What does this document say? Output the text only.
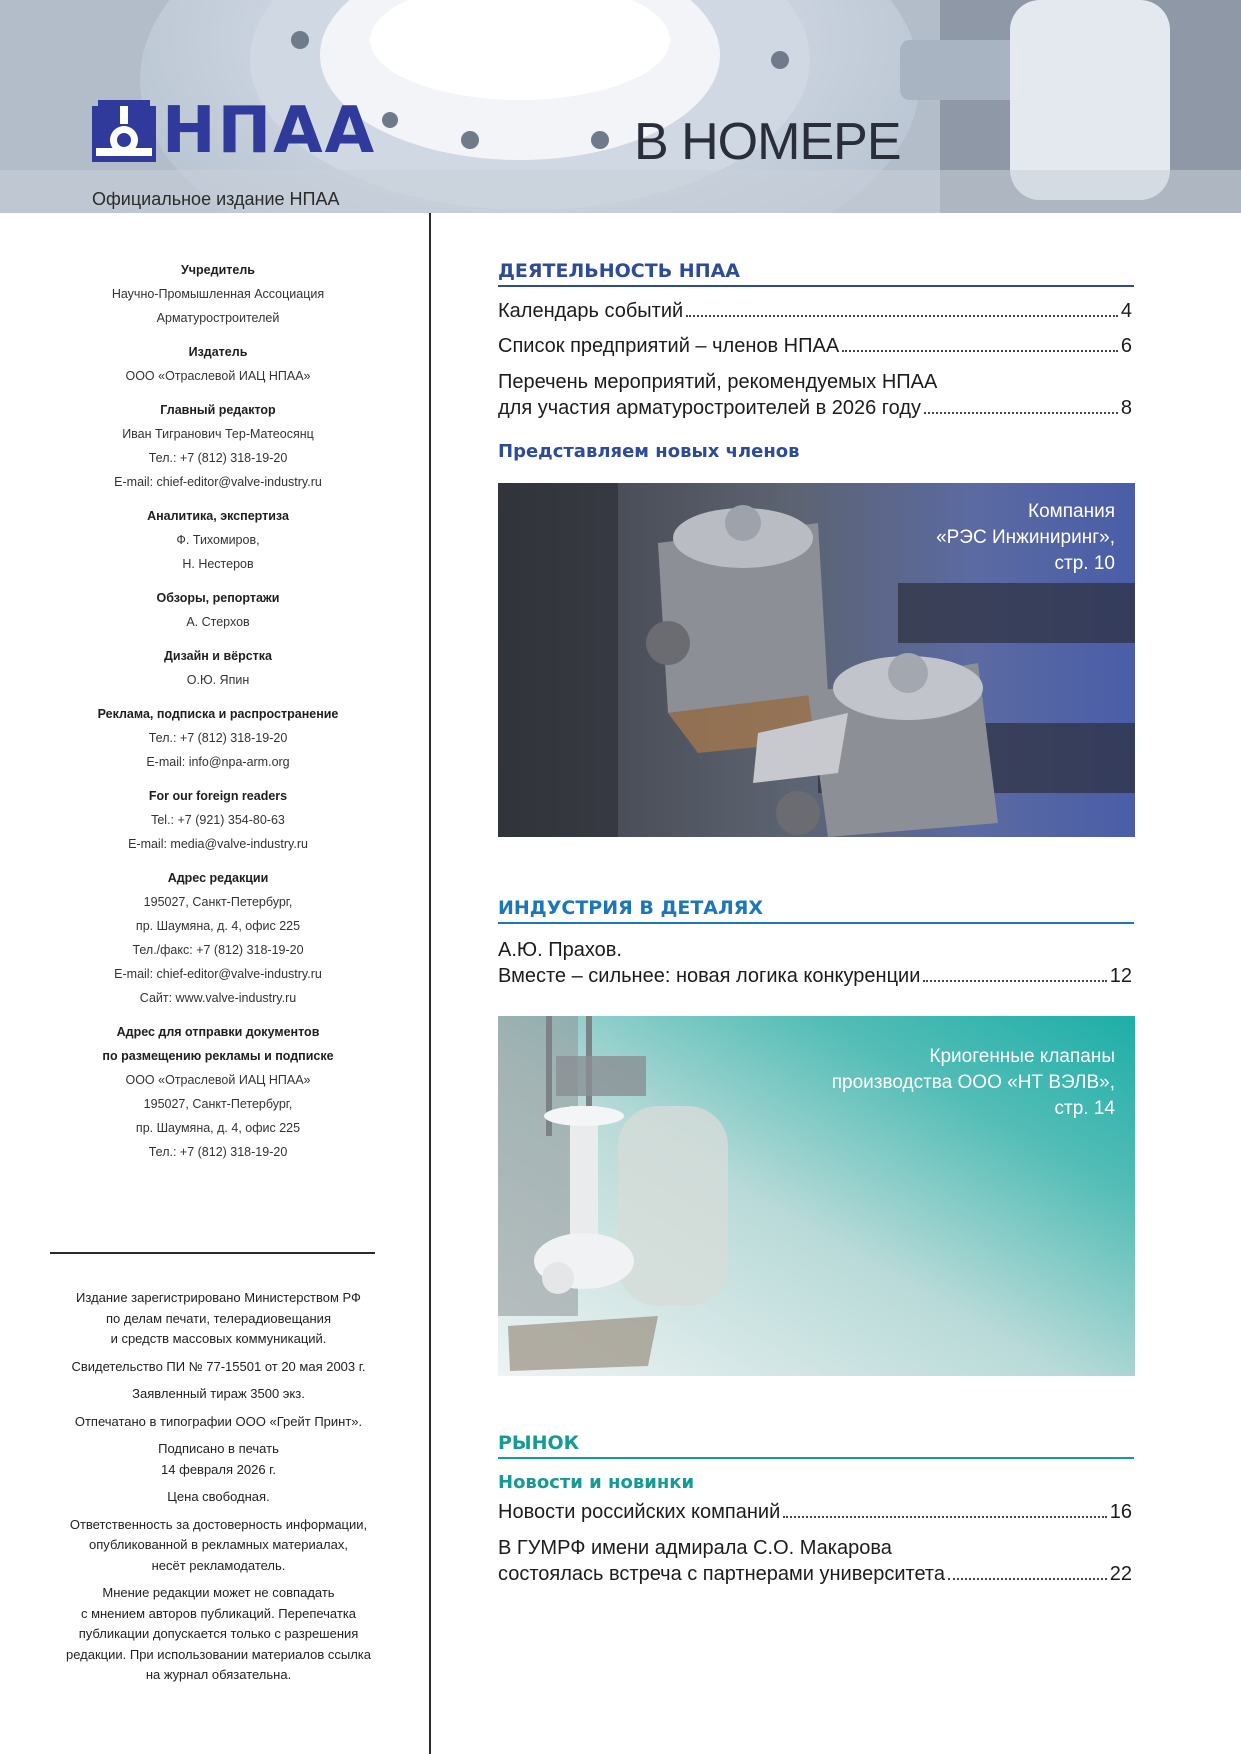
НПАА	В НОМЕРЕ
Официальное издание НПАА
Учредитель
Научно-Промышленная Ассоциация
Арматуростроителей
Издатель
ООО «Отраслевой ИАЦ НПАА»
Главный редактор
Иван Тигранович Тер-Матеосянц
Тел.: +7 (812) 318-19-20
E-mail: chief-editor@valve-industry.ru
Аналитика, экспертиза
Ф. Тихомиров,
Н. Нестеров
Обзоры, репортажи
А. Стерхов
Дизайн и вёрстка
О.Ю. Япин
Реклама, подписка и распространение
Тел.: +7 (812) 318-19-20
E-mail: info@npa-arm.org
For our foreign readers
Tel.: +7 (921) 354-80-63
E-mail: media@valve-industry.ru
Адрес редакции
195027, Санкт-Петербург,
пр. Шаумяна, д. 4, офис 225
Тел./факс: +7 (812) 318-19-20
E-mail: chief-editor@valve-industry.ru
Сайт: www.valve-industry.ru
Адрес для отправки документов
по размещению рекламы и подписке
ООО «Отраслевой ИАЦ НПАА»
195027, Санкт-Петербург,
пр. Шаумяна, д. 4, офис 225
Тел.: +7 (812) 318-19-20

Издание зарегистрировано Министерством РФ
по делам печати, телерадиовещания
и средств массовых коммуникаций.

Свидетельство ПИ № 77-15501 от 20 мая 2003 г.

Заявленный тираж 3500 экз.

Отпечатано в типографии ООО «Грейт Принт».

Подписано в печать
14 февраля 2026 г.

Цена свободная.

Ответственность за достоверность информации,
опубликованной в рекламных материалах,
несёт рекламодатель.

Мнение редакции может не совпадать
с мнением авторов публикаций. Перепечатка
публикации допускается только с разрешения
редакции. При использовании материалов ссылка
на журнал обязательна.

ДЕЯТЕЛЬНОСТЬ НПАА
Календарь событий	4
Список предприятий – членов НПАА	6
Перечень мероприятий, рекомендуемых НПАА
для участия арматуростроителей в 2026 году	8
Представляем новых членов
Компания
«РЭС Инжиниринг»,
стр. 10
ИНДУСТРИЯ В ДЕТАЛЯХ
А.Ю. Прахов.
Вместе – сильнее: новая логика конкуренции	12
Криогенные клапаны
производства ООО «НТ ВЭЛВ»,
стр. 14
РЫНОК
Новости и новинки
Новости российских компаний	16
В ГУМРФ имени адмирала С.О. Макарова
состоялась встреча с партнерами университета	22
